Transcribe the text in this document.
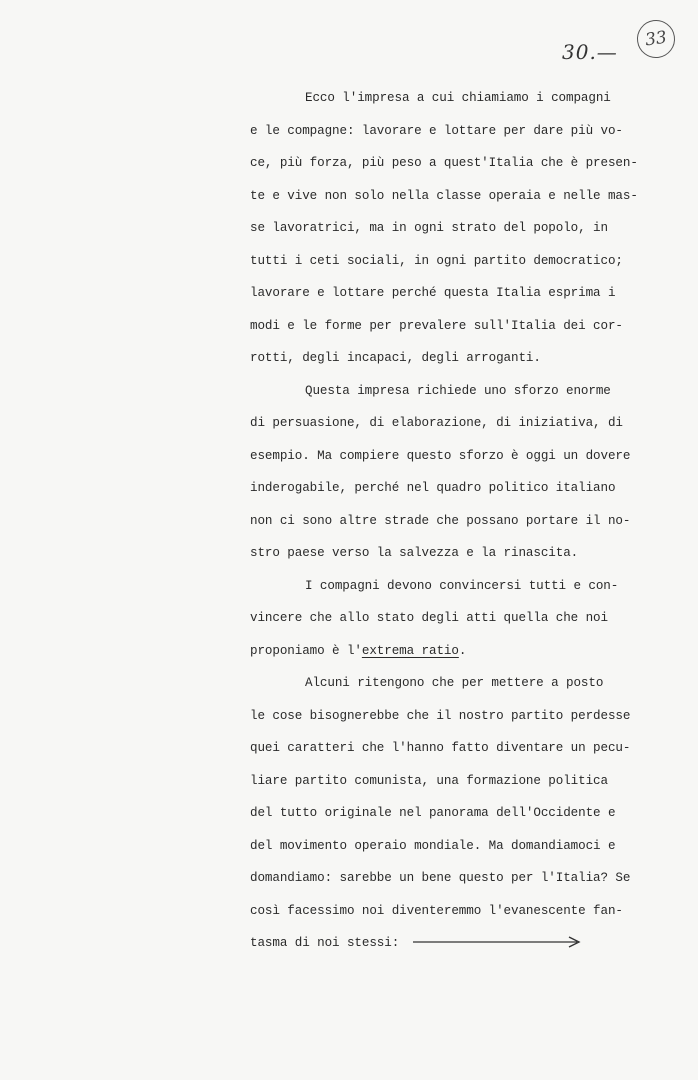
30.—
33
Ecco l'impresa a cui chiamiamo i compagni
e le compagne: lavorare e lottare per dare più vo-
ce, più forza, più peso a quest'Italia che è presen-
te e vive non solo nella classe operaia e nelle mas-
se lavoratrici, ma in ogni strato del popolo, in
tutti i ceti sociali, in ogni partito democratico;
lavorare e lottare perché questa Italia esprima i
modi e le forme per prevalere sull'Italia dei cor-
rotti, degli incapaci, degli arroganti.
Questa impresa richiede uno sforzo enorme
di persuasione, di elaborazione, di iniziativa, di
esempio. Ma compiere questo sforzo è oggi un dovere
inderogabile, perché nel quadro politico italiano
non ci sono altre strade che possano portare il no-
stro paese verso la salvezza e la rinascita.
I compagni devono convincersi tutti e con-
vincere che allo stato degli atti quella che noi
proponiamo è l'extrema ratio.
Alcuni ritengono che per mettere a posto
le cose bisognerebbe che il nostro partito perdesse
quei caratteri che l'hanno fatto diventare un pecu-
liare partito comunista, una formazione politica
del tutto originale nel panorama dell'Occidente e
del movimento operaio mondiale. Ma domandiamoci e
domandiamo: sarebbe un bene questo per l'Italia? Se
così facessimo noi diventeremmo l'evanescente fan-
tasma di noi stessi:
